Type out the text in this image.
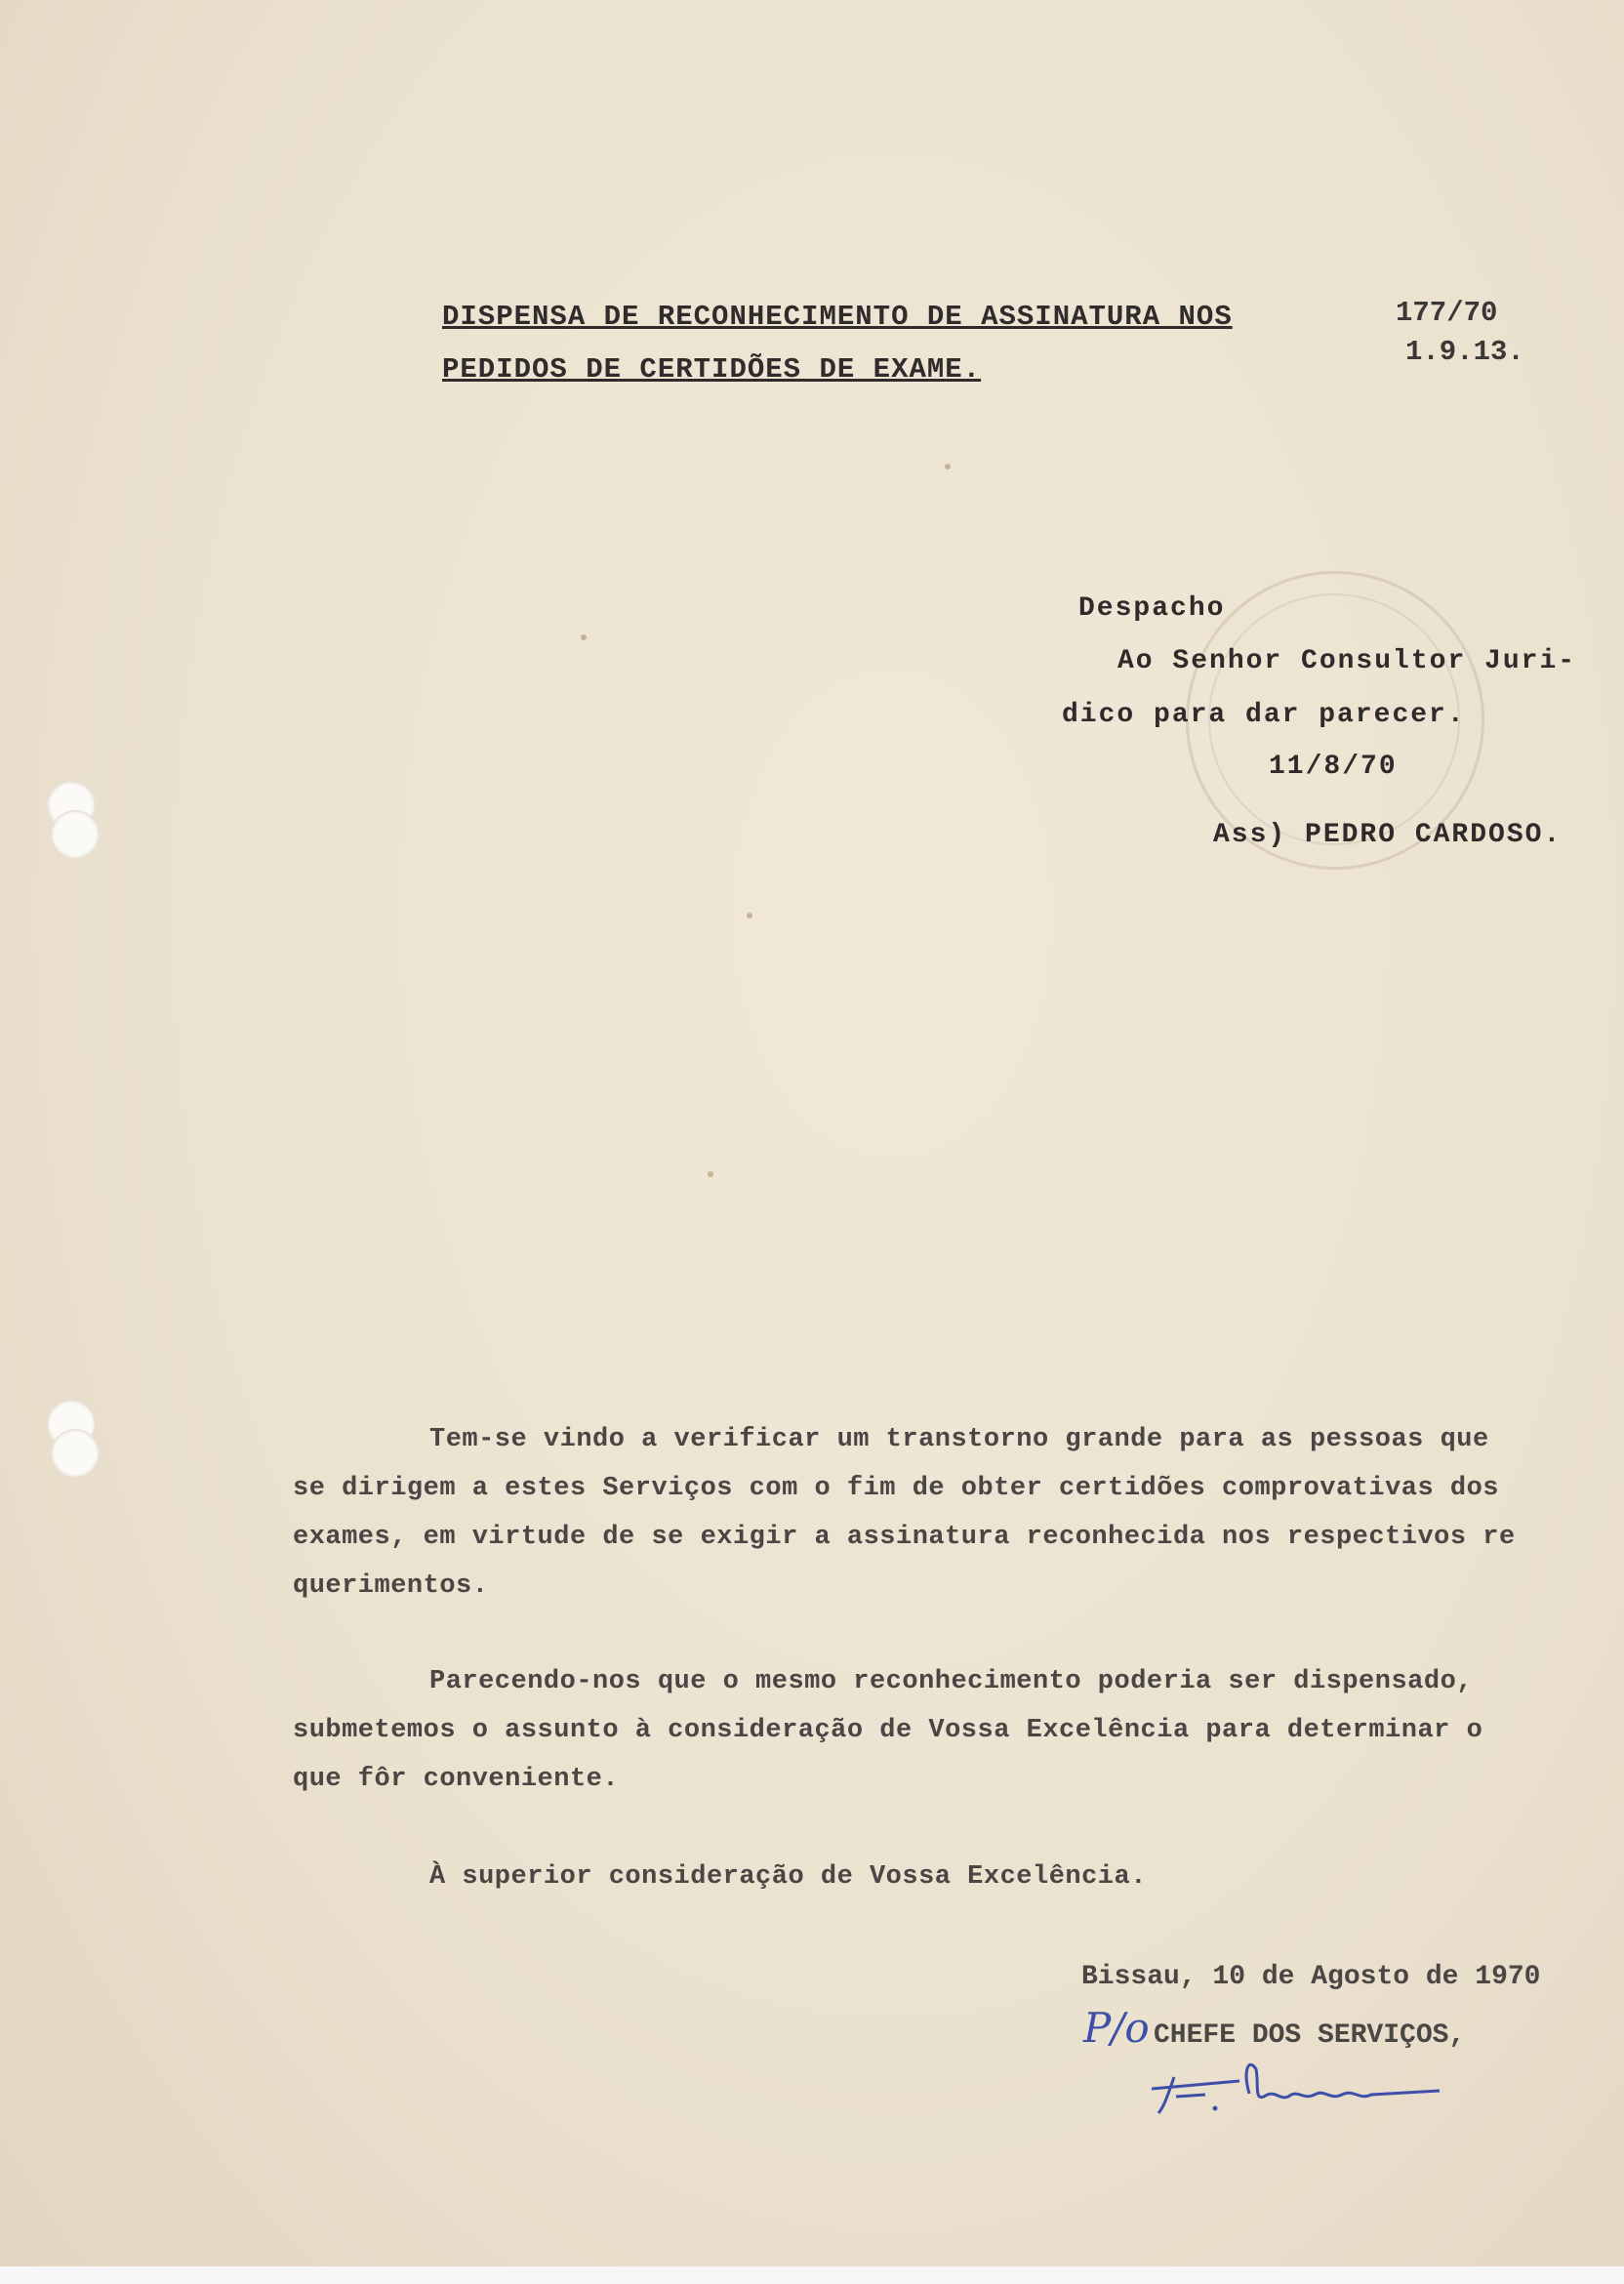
DISPENSA DE RECONHECIMENTO DE ASSINATURA NOS
PEDIDOS DE CERTIDÕES DE EXAME.
177/70
1.9.13.
Despacho
Ao Senhor Consultor Juri-
dico para dar parecer.
11/8/70
Ass) PEDRO CARDOSO.
Tem-se vindo a verificar um transtorno grande para as pessoas que
se dirigem a estes Serviços com o fim de obter certidões comprovativas dos
exames, em virtude de se exigir a assinatura reconhecida nos respectivos re
querimentos.
Parecendo-nos que o mesmo reconhecimento poderia ser dispensado,
submetemos o assunto à consideração de Vossa Excelência para determinar o
que fôr conveniente.
À superior consideração de Vossa Excelência.
Bissau, 10 de Agosto de 1970
P/o CHEFE DOS SERVIÇOS,
